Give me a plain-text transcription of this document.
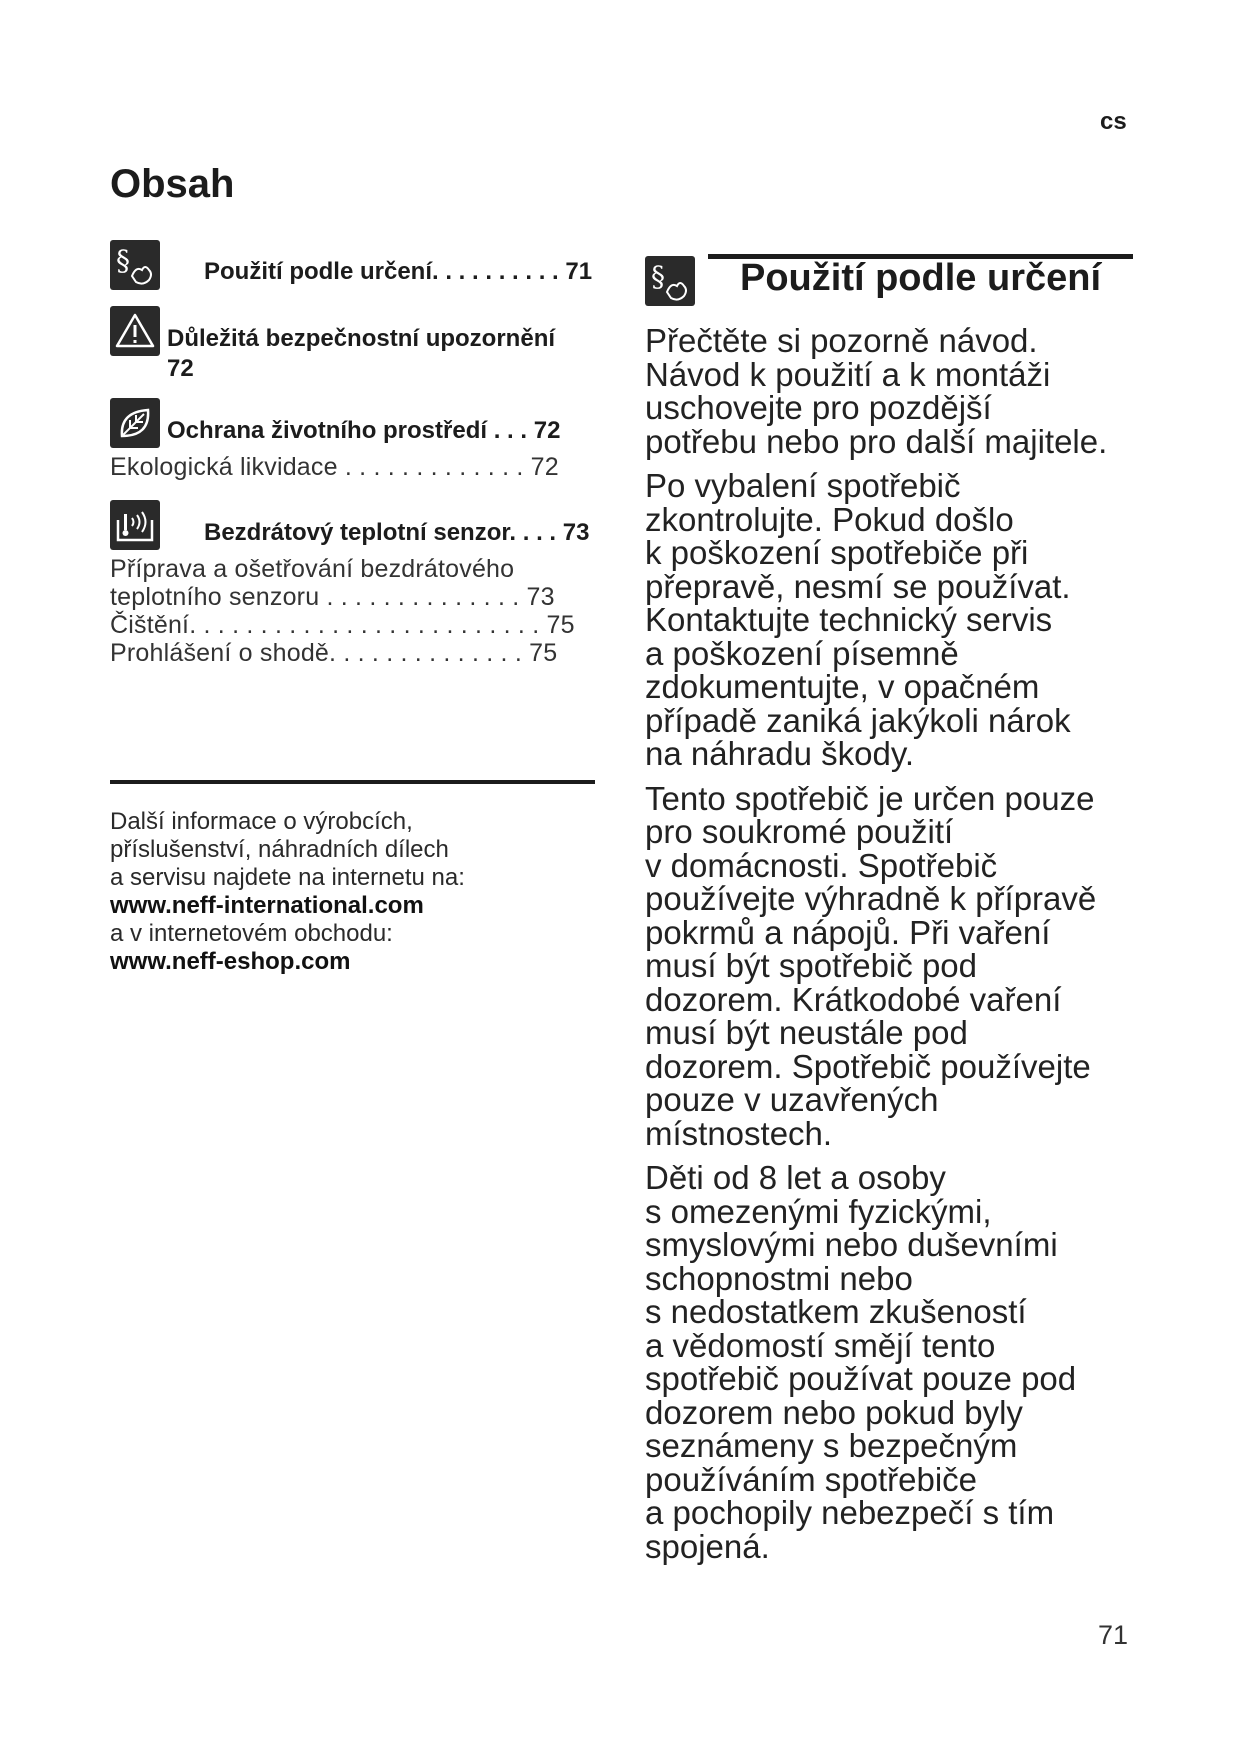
cs
Obsah
§	Použití podle určení. . . . . . . . . . 71
Důležitá bezpečnostní upozornění
72
Ochrana životního prostředí . . . 72
Ekologická likvidace . . . . . . . . . . . . . 72
Bezdrátový teplotní senzor. . . . 73
Příprava a ošetřování bezdrátového
teplotního senzoru . . . . . . . . . . . . . . 73
Čištění. . . . . . . . . . . . . . . . . . . . . . . . . 75
Prohlášení o shodě. . . . . . . . . . . . . . 75
Další informace o výrobcích,
příslušenství, náhradních dílech
a servisu najdete na internetu na:
www.neff-international.com
a v internetovém obchodu:
www.neff-eshop.com
§ Použití podle určení

Přečtěte si pozorně návod.
Návod k použití a k montáži
uschovejte pro pozdější
potřebu nebo pro další majitele.

Po vybalení spotřebič
zkontrolujte. Pokud došlo
k poškození spotřebiče při
přepravě, nesmí se používat.
Kontaktujte technický servis
a poškození písemně
zdokumentujte, v opačném
případě zaniká jakýkoli nárok
na náhradu škody.

Tento spotřebič je určen pouze
pro soukromé použití
v domácnosti. Spotřebič
používejte výhradně k přípravě
pokrmů a nápojů. Při vaření
musí být spotřebič pod
dozorem. Krátkodobé vaření
musí být neustále pod
dozorem. Spotřebič používejte
pouze v uzavřených
místnostech.

Děti od 8 let a osoby
s omezenými fyzickými,
smyslovými nebo duševními
schopnostmi nebo
s nedostatkem zkušeností
a vědomostí smějí tento
spotřebič používat pouze pod
dozorem nebo pokud byly
seznámeny s bezpečným
používáním spotřebiče
a pochopily nebezpečí s tím
spojená.

71
